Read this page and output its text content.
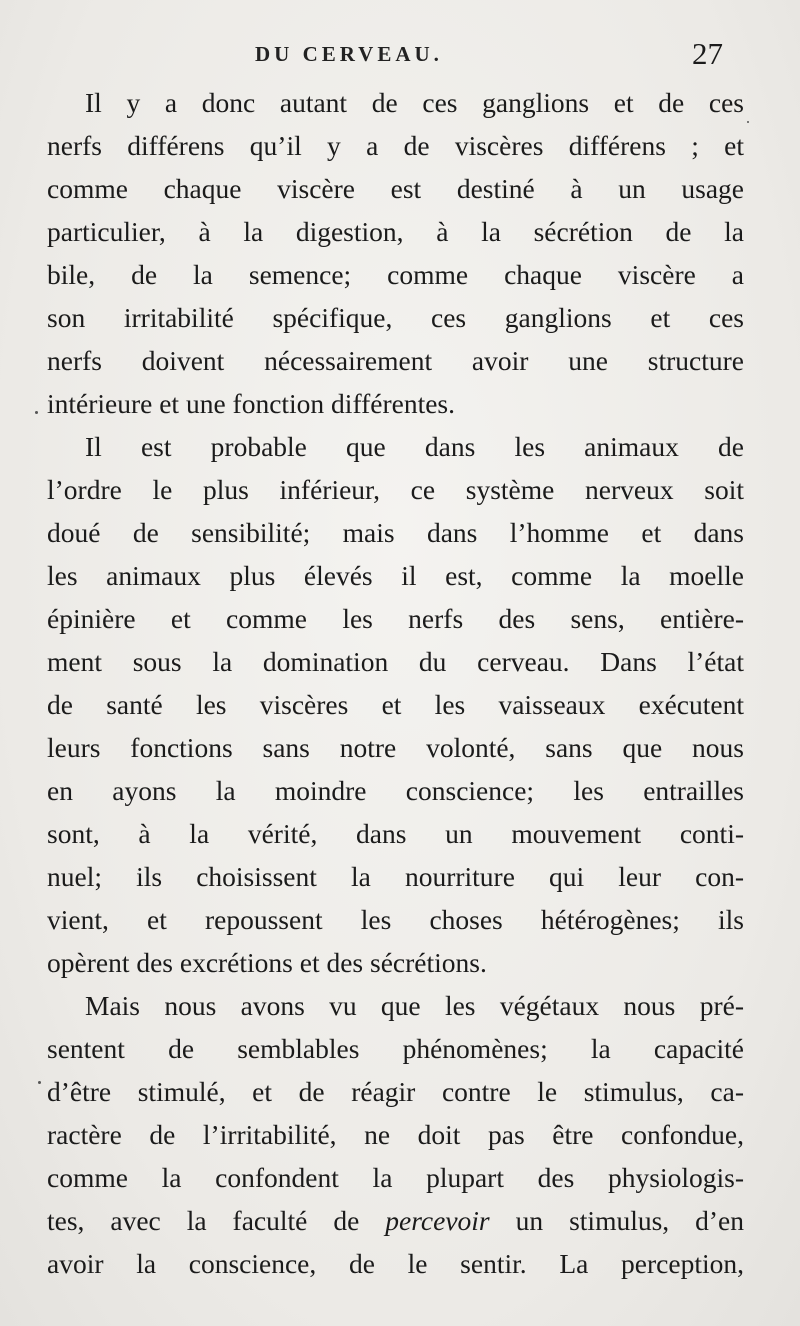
DU CERVEAU.	27
Il y a donc autant de ces ganglions et de ces
nerfs différens qu’il y a de viscères différens ; et
comme chaque viscère est destiné à un usage
particulier, à la digestion, à la sécrétion de la
bile, de la semence; comme chaque viscère a
son irritabilité spécifique, ces ganglions et ces
nerfs doivent nécessairement avoir une structure
intérieure et une fonction différentes.
Il est probable que dans les animaux de
l’ordre le plus inférieur, ce système nerveux soit
doué de sensibilité; mais dans l’homme et dans
les animaux plus élevés il est, comme la moelle
épinière et comme les nerfs des sens, entière-
ment sous la domination du cerveau. Dans l’état
de santé les viscères et les vaisseaux exécutent
leurs fonctions sans notre volonté, sans que nous
en ayons la moindre conscience; les entrailles
sont, à la vérité, dans un mouvement conti-
nuel; ils choisissent la nourriture qui leur con-
vient, et repoussent les choses hétérogènes; ils
opèrent des excrétions et des sécrétions.
Mais nous avons vu que les végétaux nous pré-
sentent de semblables phénomènes; la capacité
d’être stimulé, et de réagir contre le stimulus, ca-
ractère de l’irritabilité, ne doit pas être confondue,
comme la confondent la plupart des physiologis-
tes, avec la faculté de percevoir un stimulus, d’en
avoir la conscience, de le sentir. La perception,
